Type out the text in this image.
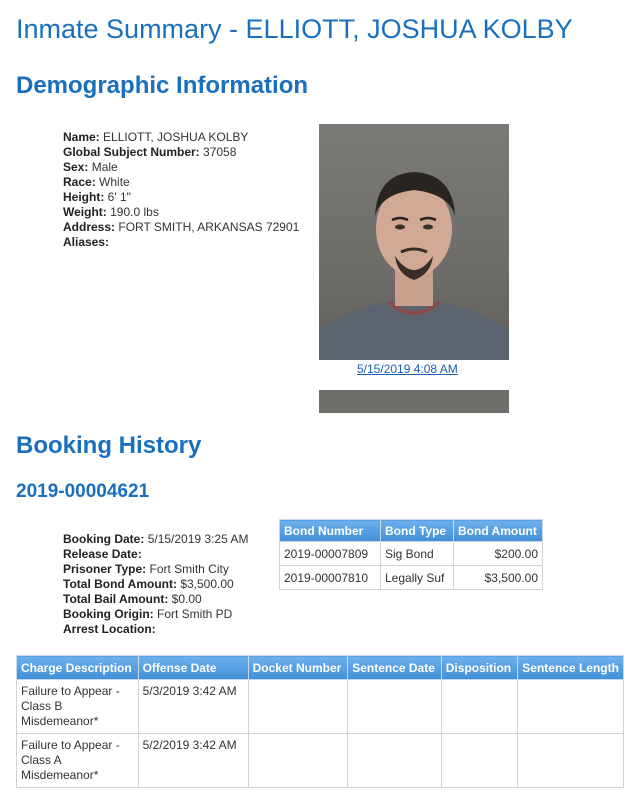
Inmate Summary - ELLIOTT, JOSHUA KOLBY
Demographic Information
Name: ELLIOTT, JOSHUA KOLBY
Global Subject Number: 37058
Sex: Male
Race: White
Height: 6' 1"
Weight: 190.0 lbs
Address: FORT SMITH, ARKANSAS 72901
Aliases:
5/15/2019 4:08 AM
Booking History
2019-00004621
Booking Date: 5/15/2019 3:25 AM
Release Date:
Prisoner Type: Fort Smith City
Total Bond Amount: $3,500.00
Total Bail Amount: $0.00
Booking Origin: Fort Smith PD
Arrest Location:
Bond Number	Bond Type	Bond Amount
2019-00007809	Sig Bond	$200.00
2019-00007810	Legally Suf	$3,500.00
Charge Description	Offense Date	Docket Number	Sentence Date	Disposition	Sentence Length
Failure to Appear - Class B Misdemeanor*	5/3/2019 3:42 AM				
Failure to Appear - Class A Misdemeanor*	5/2/2019 3:42 AM				
